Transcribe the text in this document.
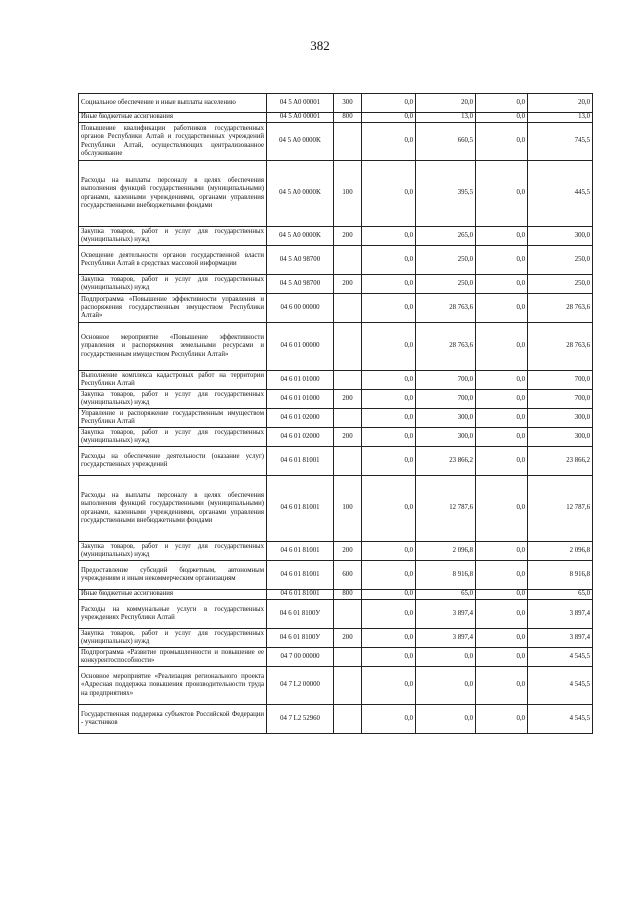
382
Социальное обеспечение и иные выплаты населению	04 5 A0 00001	300	0,0	20,0	0,0	20,0
Иные бюджетные ассигнования	04 5 A0 00001	800	0,0	13,0	0,0	13,0
Повышение квалификации работников государственных органов Республики Алтай и государственных учреждений Республики Алтай, осуществляющих централизованное обслуживание	04 5 A0 0000K		0,0	660,5	0,0	745,5
Расходы на выплаты персоналу в целях обеспечения выполнения функций государственными (муниципальными) органами, казенными учреждениями, органами управления государственными внебюджетными фондами	04 5 A0 0000K	100	0,0	395,5	0,0	445,5
Закупка товаров, работ и услуг для государственных (муниципальных) нужд	04 5 A0 0000K	200	0,0	265,0	0,0	300,0
Освещение деятельности органов государственной власти Республики Алтай в средствах массовой информации	04 5 A0 98700		0,0	250,0	0,0	250,0
Закупка товаров, работ и услуг для государственных (муниципальных) нужд	04 5 A0 98700	200	0,0	250,0	0,0	250,0
Подпрограмма «Повышение эффективности управления и распоряжения государственным имуществом Республики Алтай»	04 6 00 00000		0,0	28 763,6	0,0	28 763,6
Основное мероприятие «Повышение эффективности управления и распоряжения земельными ресурсами и государственным имуществом Республики Алтай»	04 6 01 00000		0,0	28 763,6	0,0	28 763,6
Выполнение комплекса кадастровых работ на территории Республики Алтай	04 6 01 01000		0,0	700,0	0,0	700,0
Закупка товаров, работ и услуг для государственных (муниципальных) нужд	04 6 01 01000	200	0,0	700,0	0,0	700,0
Управление и распоряжение государственным имуществом Республики Алтай	04 6 01 02000		0,0	300,0	0,0	300,0
Закупка товаров, работ и услуг для государственных (муниципальных) нужд	04 6 01 02000	200	0,0	300,0	0,0	300,0
Расходы на обеспечение деятельности (оказание услуг) государственных учреждений	04 6 01 81001		0,0	23 866,2	0,0	23 866,2
Расходы на выплаты персоналу в целях обеспечения выполнения функций государственными (муниципальными) органами, казенными учреждениями, органами управления государственными внебюджетными фондами	04 6 01 81001	100	0,0	12 787,6	0,0	12 787,6
Закупка товаров, работ и услуг для государственных (муниципальных) нужд	04 6 01 81001	200	0,0	2 096,8	0,0	2 096,8
Предоставление субсидий бюджетным, автономным учреждениям и иным некоммерческим организациям	04 6 01 81001	600	0,0	8 916,8	0,0	8 916,8
Иные бюджетные ассигнования	04 6 01 81001	800	0,0	65,0	0,0	65,0
Расходы на коммунальные услуги в государственных учреждениях Республики Алтай	04 6 01 8100У		0,0	3 897,4	0,0	3 897,4
Закупка товаров, работ и услуг для государственных (муниципальных) нужд	04 6 01 8100У	200	0,0	3 897,4	0,0	3 897,4
Подпрограмма «Развитие промышленности и повышение ее конкурентоспособности»	04 7 00 00000		0,0	0,0	0,0	4 545,5
Основное мероприятие «Реализация регионального проекта «Адресная поддержка повышения производительности труда на предприятиях»	04 7 L2 00000		0,0	0,0	0,0	4 545,5
Государственная поддержка субъектов Российской Федерации - участников	04 7 L2 52960		0,0	0,0	0,0	4 545,5
